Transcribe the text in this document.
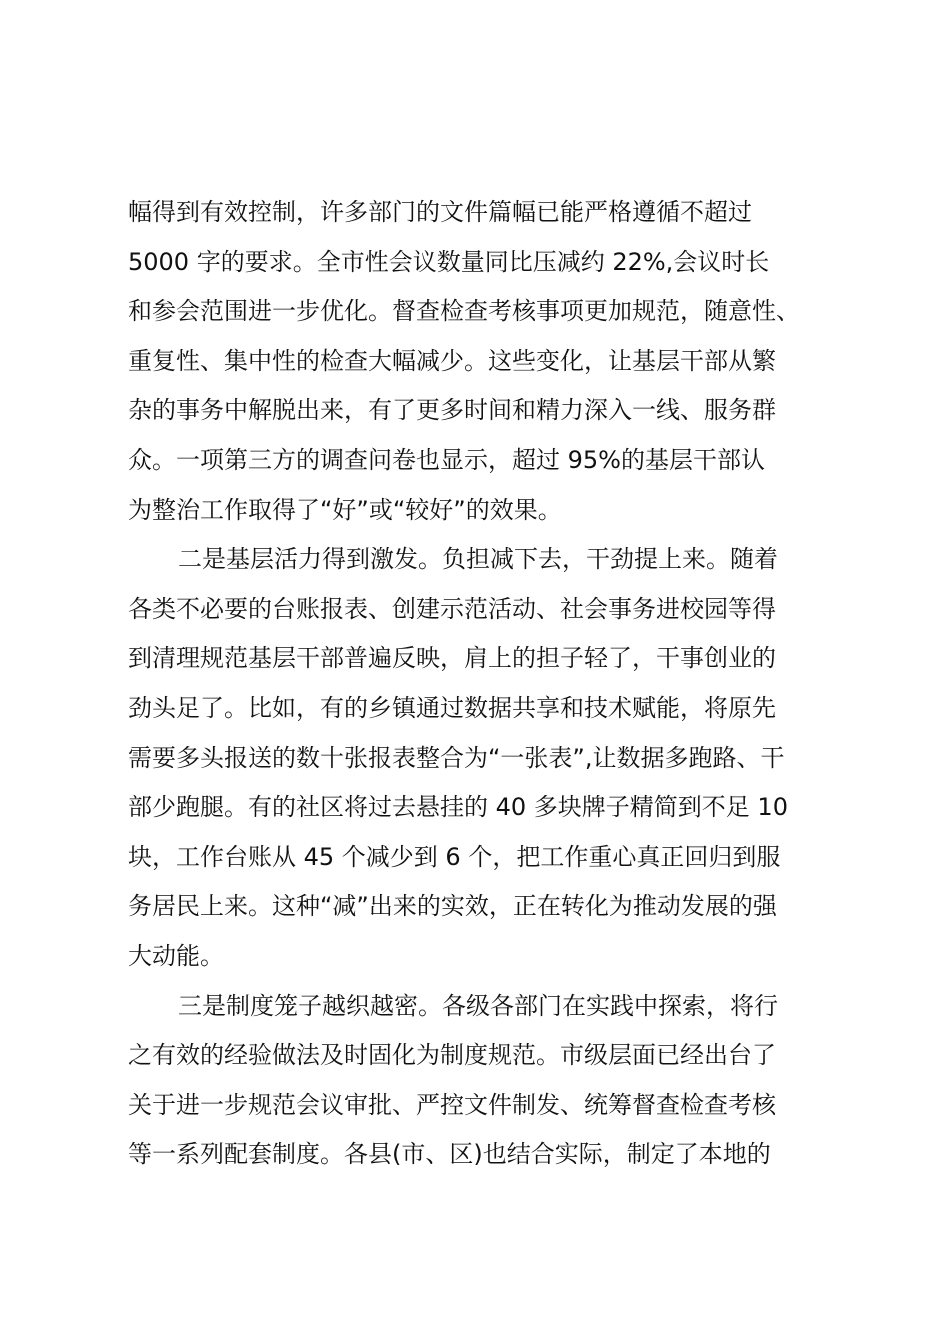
幅得到有效控制，许多部门的文件篇幅已能严格遵循不超过
5000 字的要求。全市性会议数量同比压减约 22%,会议时长
和参会范围进一步优化。督查检查考核事项更加规范，随意性、
重复性、集中性的检查大幅减少。这些变化，让基层干部从繁
杂的事务中解脱出来，有了更多时间和精力深入一线、服务群
众。一项第三方的调查问卷也显示，超过 95%的基层干部认
为整治工作取得了“好”或“较好”的效果。
二是基层活力得到激发。负担减下去，干劲提上来。随着
各类不必要的台账报表、创建示范活动、社会事务进校园等得
到清理规范基层干部普遍反映，肩上的担子轻了，干事创业的
劲头足了。比如，有的乡镇通过数据共享和技术赋能，将原先
需要多头报送的数十张报表整合为“一张表”,让数据多跑路、干
部少跑腿。有的社区将过去悬挂的 40 多块牌子精简到不足 10
块，工作台账从 45 个减少到 6 个，把工作重心真正回归到服
务居民上来。这种“减”出来的实效，正在转化为推动发展的强
大动能。
三是制度笼子越织越密。各级各部门在实践中探索，将行
之有效的经验做法及时固化为制度规范。市级层面已经出台了
关于进一步规范会议审批、严控文件制发、统筹督查检查考核
等一系列配套制度。各县(市、区)也结合实际，制定了本地的
